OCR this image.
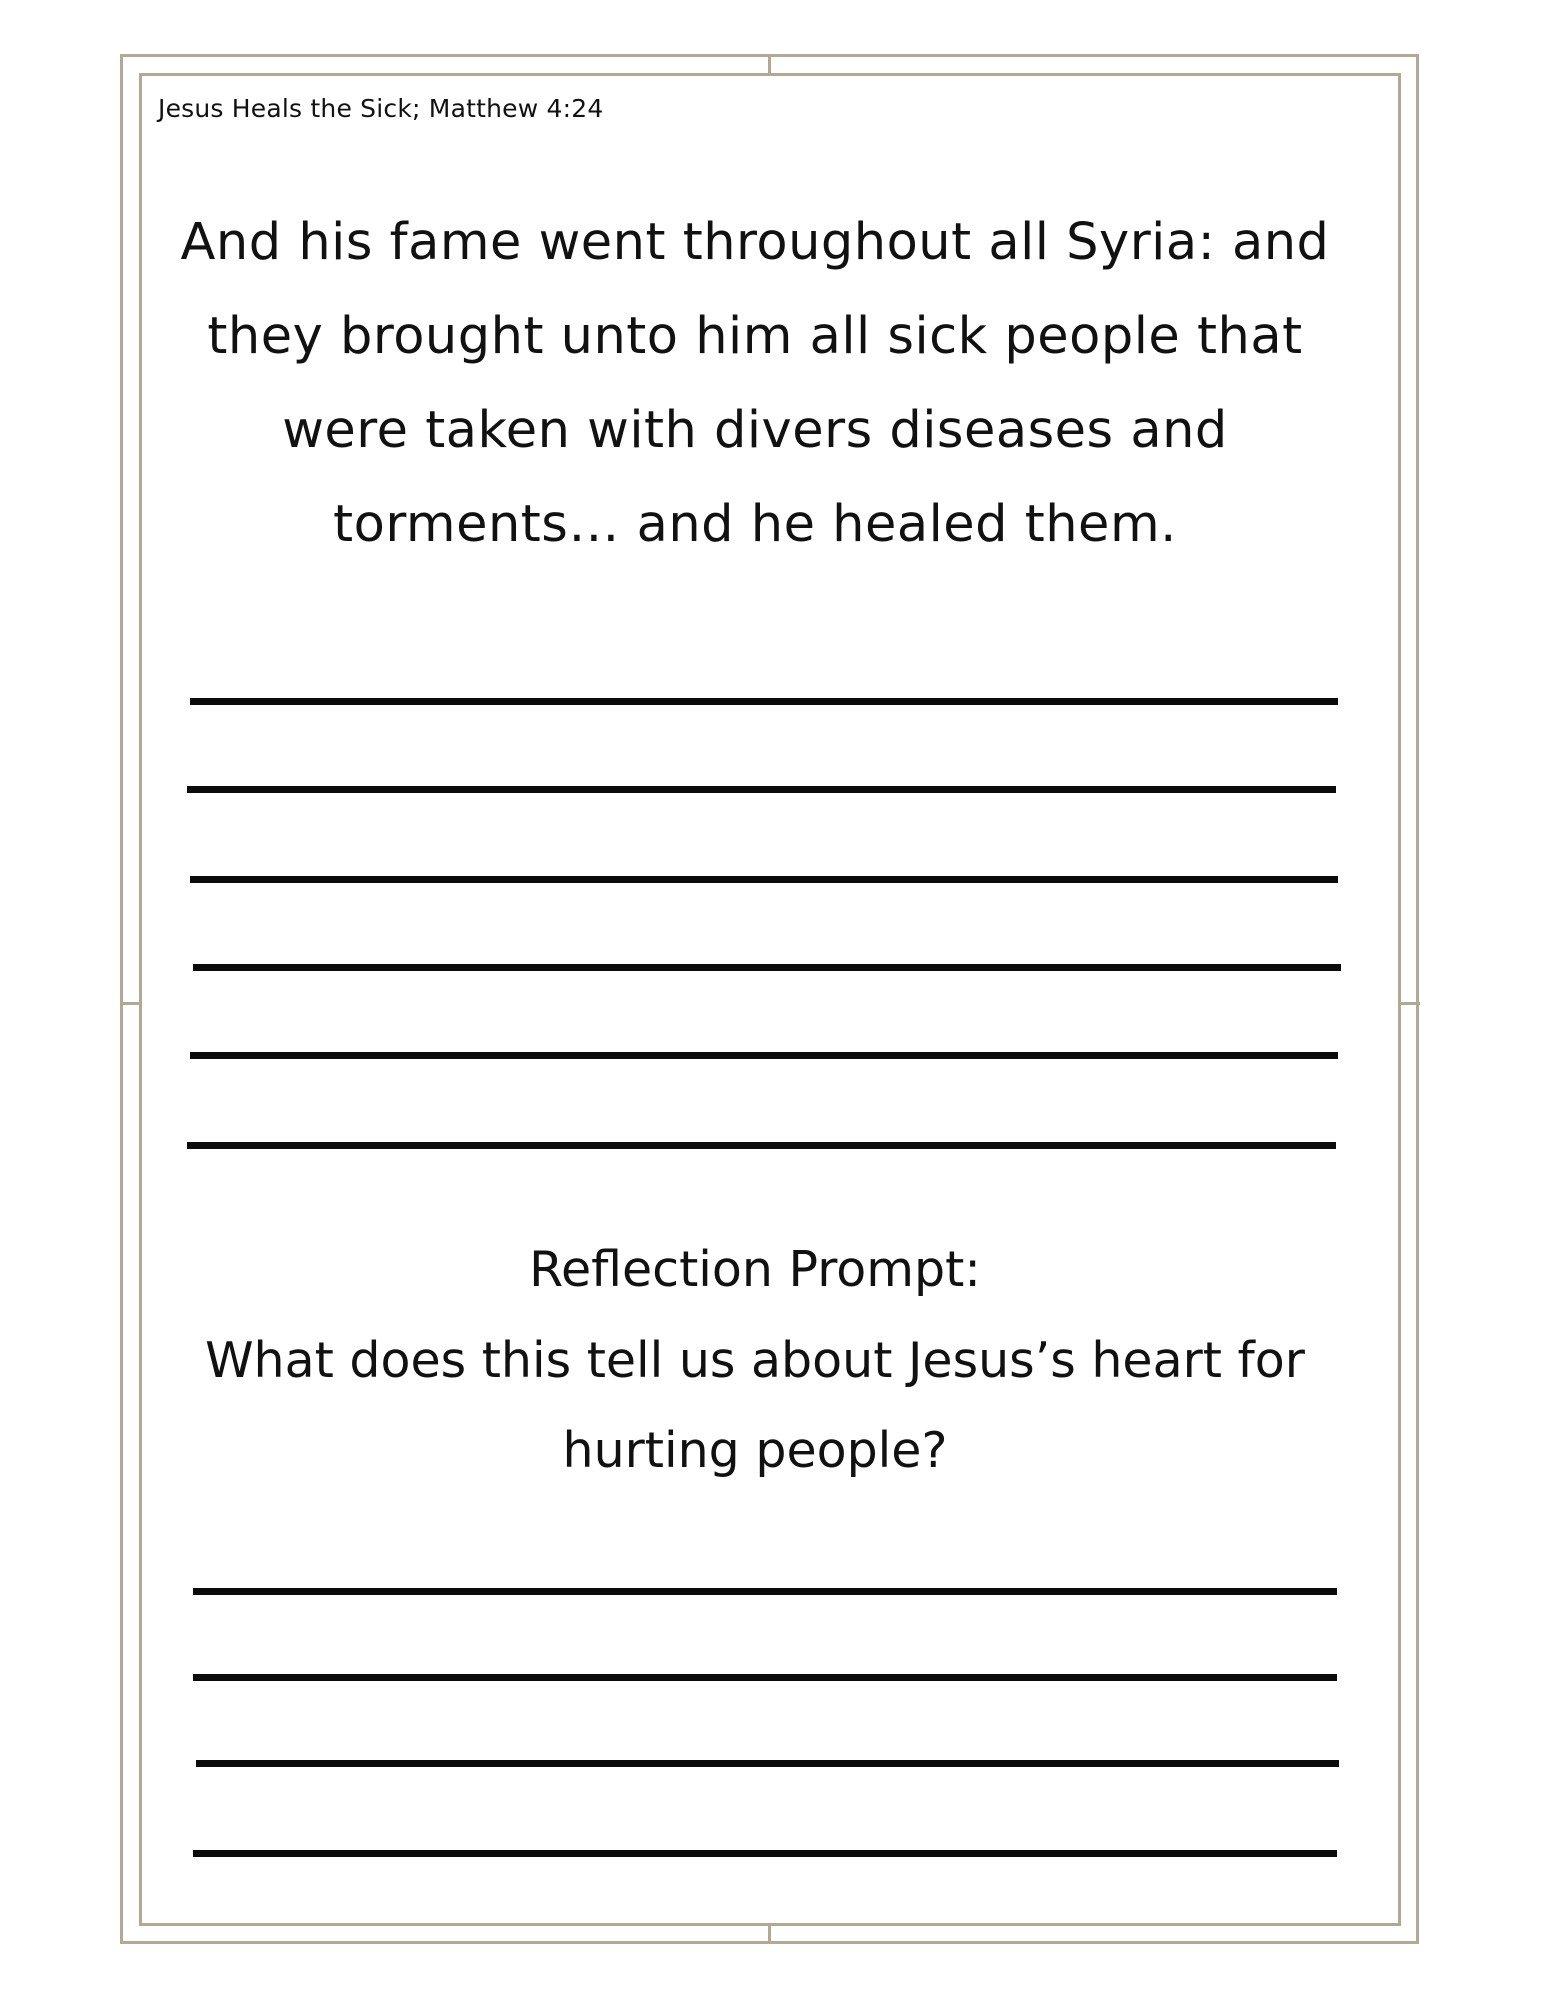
Jesus Heals the Sick; Matthew 4:24
And his fame went throughout all Syria: and
they brought unto him all sick people that
were taken with divers diseases and
torments… and he healed them.
Reflection Prompt:
What does this tell us about Jesus’s heart for
hurting people?
